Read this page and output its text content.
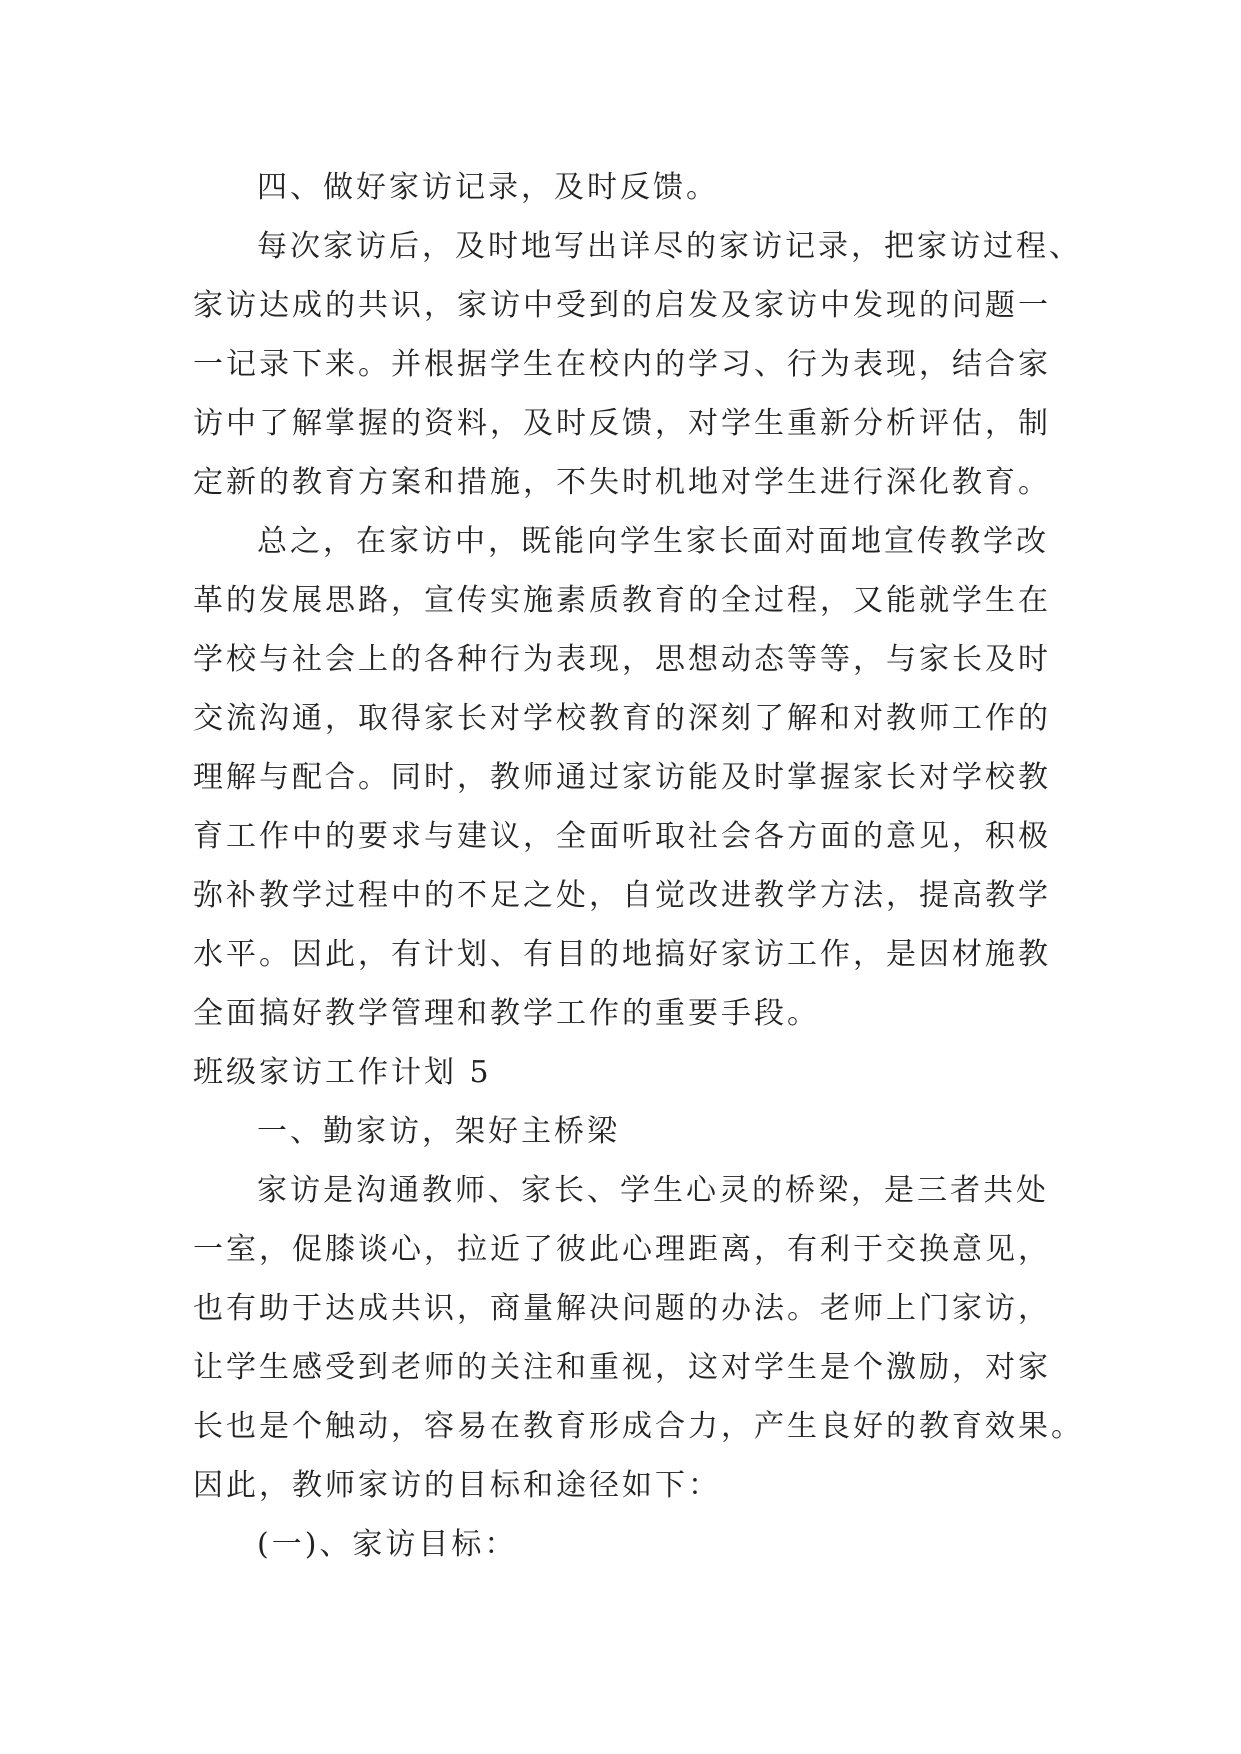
四、做好家访记录，及时反馈。
每次家访后，及时地写出详尽的家访记录，把家访过程、
家访达成的共识，家访中受到的启发及家访中发现的问题一
一记录下来。并根据学生在校内的学习、行为表现，结合家
访中了解掌握的资料，及时反馈，对学生重新分析评估，制
定新的教育方案和措施，不失时机地对学生进行深化教育。
总之，在家访中，既能向学生家长面对面地宣传教学改
革的发展思路，宣传实施素质教育的全过程，又能就学生在
学校与社会上的各种行为表现，思想动态等等，与家长及时
交流沟通，取得家长对学校教育的深刻了解和对教师工作的
理解与配合。同时，教师通过家访能及时掌握家长对学校教
育工作中的要求与建议，全面听取社会各方面的意见，积极
弥补教学过程中的不足之处，自觉改进教学方法，提高教学
水平。因此，有计划、有目的地搞好家访工作，是因材施教
全面搞好教学管理和教学工作的重要手段。
班级家访工作计划 5
一、勤家访，架好主桥梁
家访是沟通教师、家长、学生心灵的桥梁，是三者共处
一室，促膝谈心，拉近了彼此心理距离，有利于交换意见，
也有助于达成共识，商量解决问题的办法。老师上门家访，
让学生感受到老师的关注和重视，这对学生是个激励，对家
长也是个触动，容易在教育形成合力，产生良好的教育效果。
因此，教师家访的目标和途径如下：
(一)、家访目标：
